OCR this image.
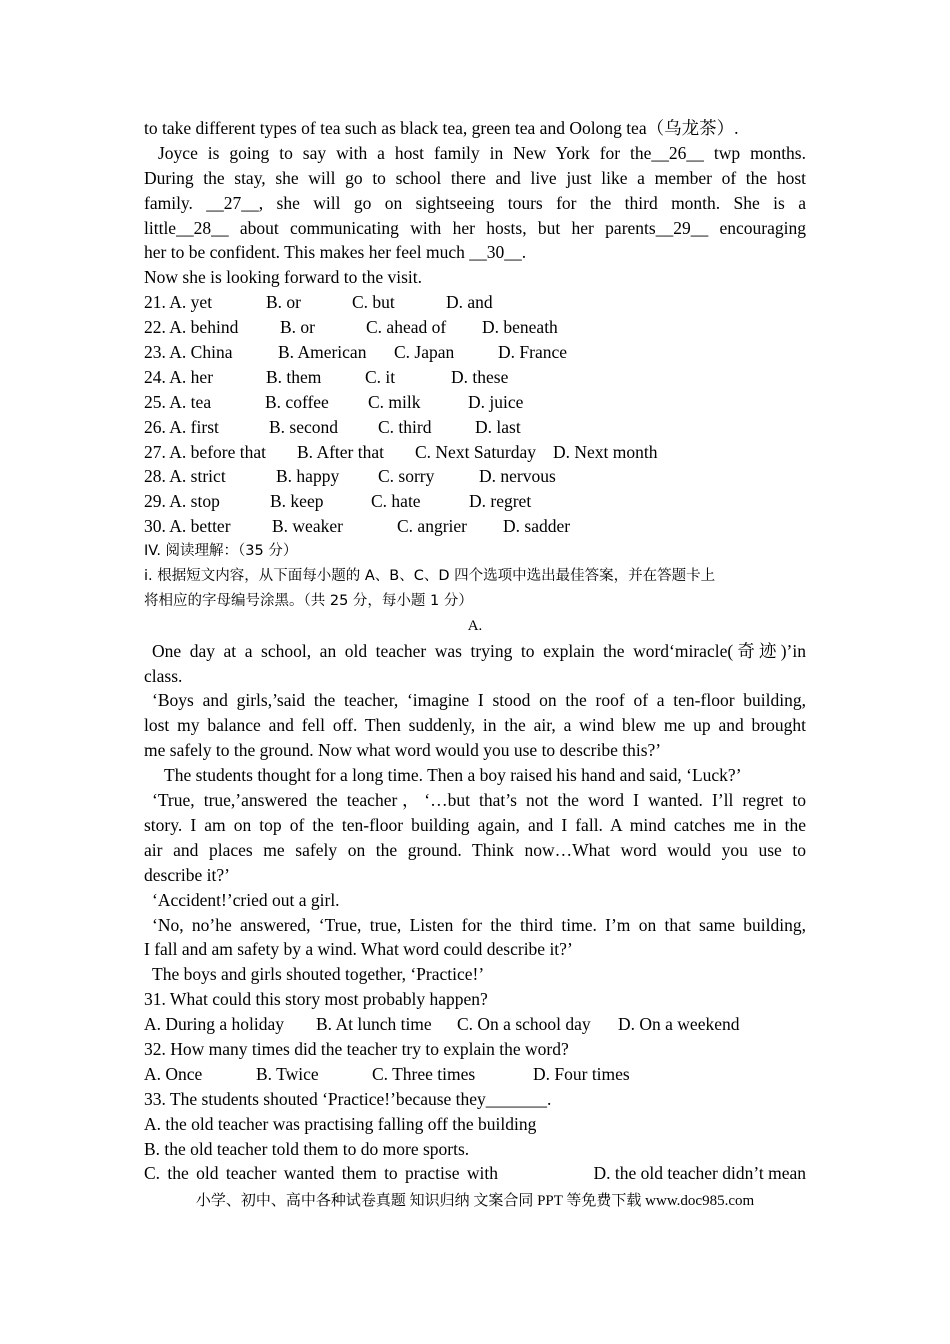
to take different types of tea such as black tea, green tea and Oolong tea（乌龙茶）.
Joyce is going to say with a host family in New York for the__26__ twp months.
During the stay, she will go to school there and live just like a member of the host
family. __27__, she will go on sightseeing tours for the third month. She is a
little__28__ about communicating with her hosts, but her parents__29__ encouraging
her to be confident. This makes her feel much __30__.
Now she is looking forward to the visit.
21. A. yet	B. or	C. but	D. and
22. A. behind B. or	C. ahead of D. beneath
23. A. China	B. American C. Japan D. France
24. A. her	B. them C. it	D. these
25. A. tea	B. coffee C. milk	D. juice
26. A. first	B. second C. third D. last
27. A. before that B. After that C. Next Saturday D. Next month
28. A. strict	B. happy C. sorry	D. nervous
29. A. stop	B. keep	C. hate	D. regret
30. A. better B. weaker	C. angrier D. sadder
IV. 阅读理解：（35 分）
i. 根据短文内容，从下面每小题的 A、B、C、D 四个选项中选出最佳答案，并在答题卡上
将相应的字母编号涂黑。（共 25 分，每小题 1 分）
A.
One day at a school, an old teacher was trying to explain the word‘miracle(奇迹)’in
class.
‘Boys and girls,’said the teacher, ‘imagine I stood on the roof of a ten-floor building,
lost my balance and fell off. Then suddenly, in the air, a wind blew me up and brought
me safely to the ground. Now what word would you use to describe this?’
The students thought for a long time. Then a boy raised his hand and said, ‘Luck?’
‘True, true,’answered the teacher，‘…but that’s not the word I wanted. I’ll regret to
story. I am on top of the ten-floor building again, and I fall. A mind catches me in the
air and places me safely on the ground. Think now…What word would you use to
describe it?’
‘Accident!’cried out a girl.
‘No, no’he answered, ‘True, true, Listen for the third time. I’m on that same building,
I fall and am safety by a wind. What word could describe it?’
The boys and girls shouted together, ‘Practice!’
31. What could this story most probably happen?
A. During a holiday B. At lunch time C. On a school day D. On a weekend
32. How many times did the teacher try to explain the word?
A. Once	B. Twice	C. Three times	D. Four times
33. The students shouted ‘Practice!’because they_______.
A. the old teacher was practising falling off the building
B. the old teacher told them to do more sports.
C. the old teacher wanted them to practise with	D. the old teacher didn’t mean
小学、初中、高中各种试卷真题 知识归纳 文案合同 PPT 等免费下载 www.doc985.com
